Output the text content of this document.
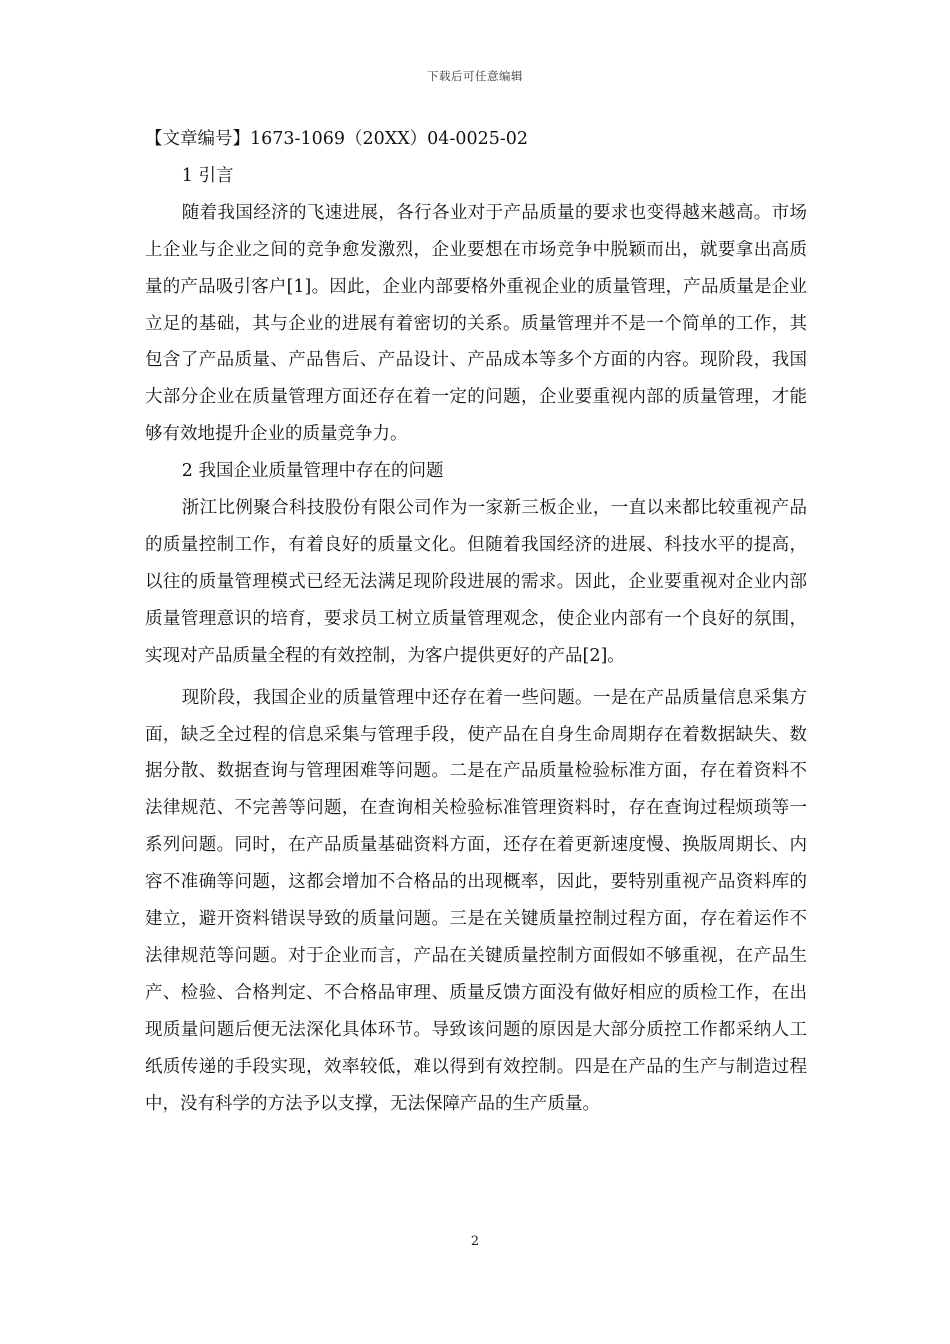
下载后可任意编辑

【文章编号】1673-1069（20XX）04-0025-02

1 引言

随着我国经济的飞速进展，各行各业对于产品质量的要求也变得越来越高。市场上企业与企业之间的竞争愈发激烈，企业要想在市场竞争中脱颖而出，就要拿出高质量的产品吸引客户[1]。因此，企业内部要格外重视企业的质量管理，产品质量是企业立足的基础，其与企业的进展有着密切的关系。质量管理并不是一个简单的工作，其包含了产品质量、产品售后、产品设计、产品成本等多个方面的内容。现阶段，我国大部分企业在质量管理方面还存在着一定的问题，企业要重视内部的质量管理，才能够有效地提升企业的质量竞争力。

2 我国企业质量管理中存在的问题

浙江比例聚合科技股份有限公司作为一家新三板企业，一直以来都比较重视产品的质量控制工作，有着良好的质量文化。但随着我国经济的进展、科技水平的提高，以往的质量管理模式已经无法满足现阶段进展的需求。因此，企业要重视对企业内部质量管理意识的培育，要求员工树立质量管理观念，使企业内部有一个良好的氛围，实现对产品质量全程的有效控制，为客户提供更好的产品[2]。

现阶段，我国企业的质量管理中还存在着一些问题。一是在产品质量信息采集方面，缺乏全过程的信息采集与管理手段，使产品在自身生命周期存在着数据缺失、数据分散、数据查询与管理困难等问题。二是在产品质量检验标准方面，存在着资料不法律规范、不完善等问题，在查询相关检验标准管理资料时，存在查询过程烦琐等一系列问题。同时，在产品质量基础资料方面，还存在着更新速度慢、换版周期长、内容不准确等问题，这都会增加不合格品的出现概率，因此，要特别重视产品资料库的建立，避开资料错误导致的质量问题。三是在关键质量控制过程方面，存在着运作不法律规范等问题。对于企业而言，产品在关键质量控制方面假如不够重视，在产品生产、检验、合格判定、不合格品审理、质量反馈方面没有做好相应的质检工作，在出现质量问题后便无法深化具体环节。导致该问题的原因是大部分质控工作都采纳人工纸质传递的手段实现，效率较低，难以得到有效控制。四是在产品的生产与制造过程中，没有科学的方法予以支撑，无法保障产品的生产质量。

2
